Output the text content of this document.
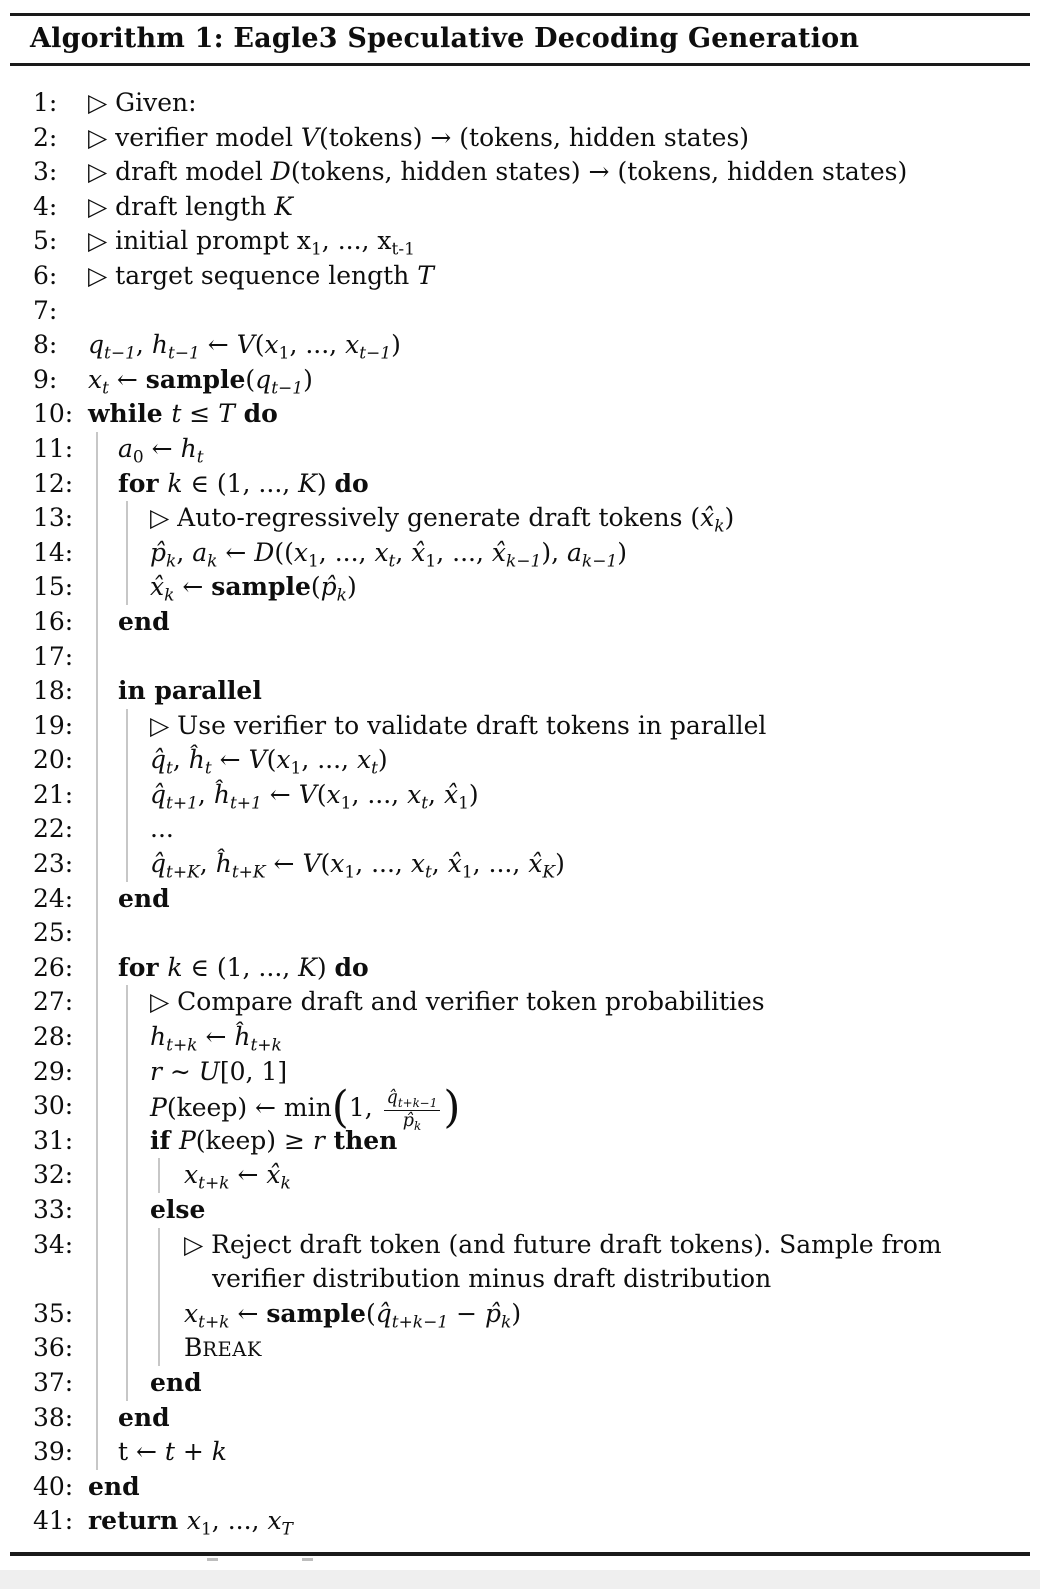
Algorithm 1: Eagle3 Speculative Decoding Generation
1: ▷ Given:
2: ▷ verifier model V(tokens) → (tokens, hidden states)
3: ▷ draft model D(tokens, hidden states) → (tokens, hidden states)
4: ▷ draft length K
5: ▷ initial prompt $x_1$, ..., $x_{t-1}$
6: ▷ target sequence length T
7:
8: $q_{t-1}$, $h_{t-1}$ ← $V(x_1$, ..., $x_{t-1}$)
9: $x_t$ ← $sample(q_{t-1})$
10: while t ≤ T do
11: $a_0$ ← $h_t$
12: for k ∈ (1, ..., K) do
13:	▷ Auto-regressively generate draft tokens $(x̂_k)$
14:	$p̂_k$, $a_k$ ← $D((x_1$, ..., $x_t$, $x̂_1$, ..., $x̂_{k-1}$), $a_{k-1}$)
15:	$x̂_k$ ← $sample(p̂_k)$
16: end
17:
18: in parallel
19:	▷ Use verifier to validate draft tokens in parallel
20:	$q̂_t$, $ĥ_t$ ← $V(x_1$, ..., $x_t$)
21:	$q̂_{t+1}$, $ĥ_{t+1}$ ← $V(x_1$, ..., $x_t$, $x̂_1$)
22:	...
23:	$q̂_{t+K}$, $ĥ_{t+K}$ ← $V(x_1$, ..., $x_t$, $x̂_1$, ..., $x̂_K$)
24: end
25:
26: for k ∈ (1, ..., K) do
27:	▷ Compare draft and verifier token probabilities
28:	$h_{t+k}$ ← $ĥ_{t+k}$
29:	r ∼ U[0, 1]
30:	P(keep) ← min(1, $\frac{q̂_{t+k-1}}{p̂_k}$ )
31:	if P(keep) ≥ r then
32:	$x_{t+k}$ ← $x̂_k$
33:	else
34:	▷ Reject draft token (and future draft tokens). Sample from
verifier distribution minus draft distribution
35:	$x_{t+k}$ ← $sample(q̂_{t+k-1}$ − $p̂_k$)
36:	BREAK
37:	end
38: end
39: t ← t + k
40: end
41: return $x_1$, ..., $x_T$
